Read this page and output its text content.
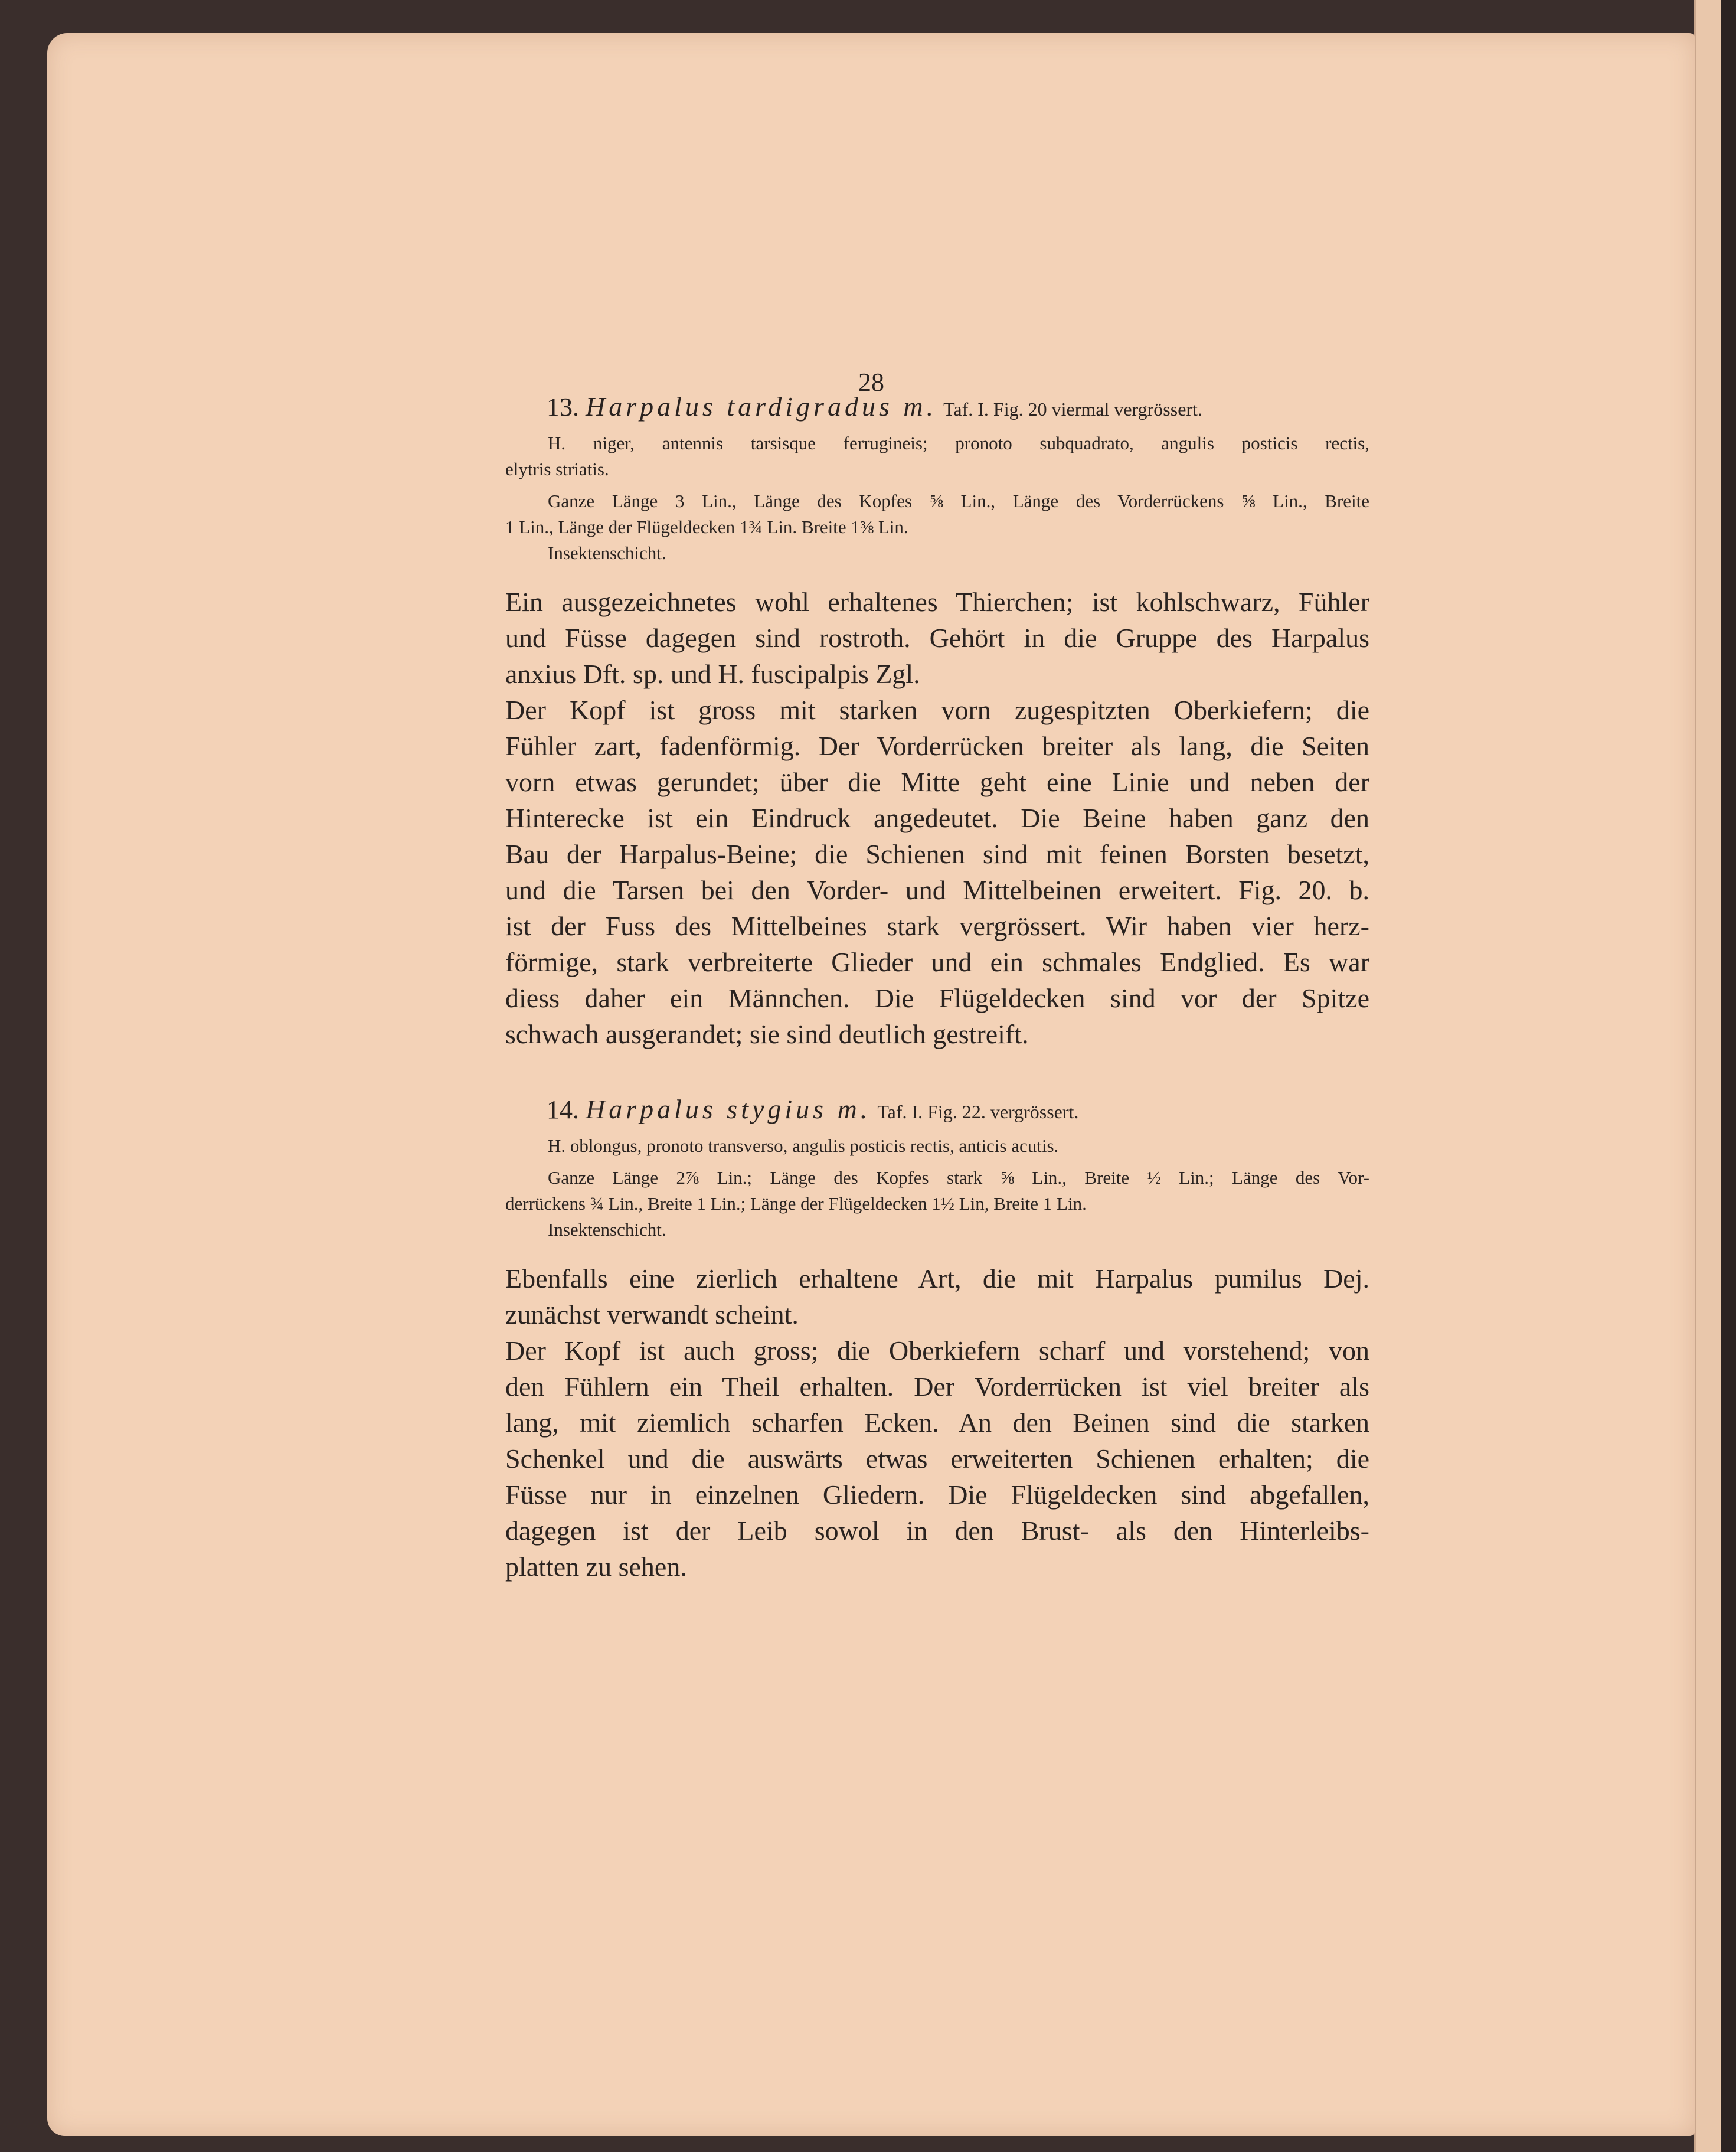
28
13. Harpalus tardigradus m. Taf. I. Fig. 20 viermal vergrössert.
H. niger, antennis tarsisque ferrugineis; pronoto subquadrato, angulis posticis rectis,
elytris striatis.
Ganze Länge 3 Lin., Länge des Kopfes ⅝ Lin., Länge des Vorderrückens ⅝ Lin., Breite
1 Lin., Länge der Flügeldecken 1¾ Lin. Breite 1⅜ Lin.
Insektenschicht.
Ein ausgezeichnetes wohl erhaltenes Thierchen; ist kohlschwarz, Fühler
und Füsse dagegen sind rostroth. Gehört in die Gruppe des Harpalus
anxius Dft. sp. und H. fuscipalpis Zgl.
Der Kopf ist gross mit starken vorn zugespitzten Oberkiefern; die
Fühler zart, fadenförmig. Der Vorderrücken breiter als lang, die Seiten
vorn etwas gerundet; über die Mitte geht eine Linie und neben der
Hinterecke ist ein Eindruck angedeutet. Die Beine haben ganz den
Bau der Harpalus-Beine; die Schienen sind mit feinen Borsten besetzt,
und die Tarsen bei den Vorder- und Mittelbeinen erweitert. Fig. 20. b.
ist der Fuss des Mittelbeines stark vergrössert. Wir haben vier herz-
förmige, stark verbreiterte Glieder und ein schmales Endglied. Es war
diess daher ein Männchen. Die Flügeldecken sind vor der Spitze
schwach ausgerandet; sie sind deutlich gestreift.
14. Harpalus stygius m. Taf. I. Fig. 22. vergrössert.
H. oblongus, pronoto transverso, angulis posticis rectis, anticis acutis.
Ganze Länge 2⅞ Lin.; Länge des Kopfes stark ⅝ Lin., Breite ½ Lin.; Länge des Vor-
derrückens ¾ Lin., Breite 1 Lin.; Länge der Flügeldecken 1½ Lin, Breite 1 Lin.
Insektenschicht.
Ebenfalls eine zierlich erhaltene Art, die mit Harpalus pumilus Dej.
zunächst verwandt scheint.
Der Kopf ist auch gross; die Oberkiefern scharf und vorstehend; von
den Fühlern ein Theil erhalten. Der Vorderrücken ist viel breiter als
lang, mit ziemlich scharfen Ecken. An den Beinen sind die starken
Schenkel und die auswärts etwas erweiterten Schienen erhalten; die
Füsse nur in einzelnen Gliedern. Die Flügeldecken sind abgefallen,
dagegen ist der Leib sowol in den Brust- als den Hinterleibs-
platten zu sehen.
